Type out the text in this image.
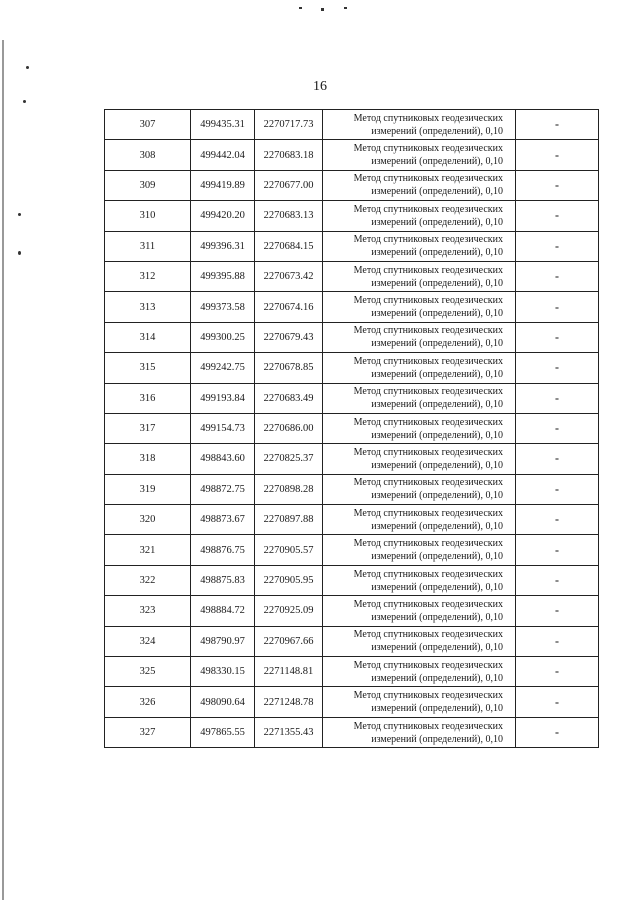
16
307	499435.31	2270717.73	Метод спутниковых геодезических
измерений (определений), 0,10	-
308	499442.04	2270683.18	Метод спутниковых геодезических
измерений (определений), 0,10	-
309	499419.89	2270677.00	Метод спутниковых геодезических
измерений (определений), 0,10	-
310	499420.20	2270683.13	Метод спутниковых геодезических
измерений (определений), 0,10	-
311	499396.31	2270684.15	Метод спутниковых геодезических
измерений (определений), 0,10	-
312	499395.88	2270673.42	Метод спутниковых геодезических
измерений (определений), 0,10	-
313	499373.58	2270674.16	Метод спутниковых геодезических
измерений (определений), 0,10	-
314	499300.25	2270679.43	Метод спутниковых геодезических
измерений (определений), 0,10	-
315	499242.75	2270678.85	Метод спутниковых геодезических
измерений (определений), 0,10	-
316	499193.84	2270683.49	Метод спутниковых геодезических
измерений (определений), 0,10	-
317	499154.73	2270686.00	Метод спутниковых геодезических
измерений (определений), 0,10	-
318	498843.60	2270825.37	Метод спутниковых геодезических
измерений (определений), 0,10	-
319	498872.75	2270898.28	Метод спутниковых геодезических
измерений (определений), 0,10	-
320	498873.67	2270897.88	Метод спутниковых геодезических
измерений (определений), 0,10	-
321	498876.75	2270905.57	Метод спутниковых геодезических
измерений (определений), 0,10	-
322	498875.83	2270905.95	Метод спутниковых геодезических
измерений (определений), 0,10	-
323	498884.72	2270925.09	Метод спутниковых геодезических
измерений (определений), 0,10	-
324	498790.97	2270967.66	Метод спутниковых геодезических
измерений (определений), 0,10	-
325	498330.15	2271148.81	Метод спутниковых геодезических
измерений (определений), 0,10	-
326	498090.64	2271248.78	Метод спутниковых геодезических
измерений (определений), 0,10	-
327	497865.55	2271355.43	Метод спутниковых геодезических
измерений (определений), 0,10	-
